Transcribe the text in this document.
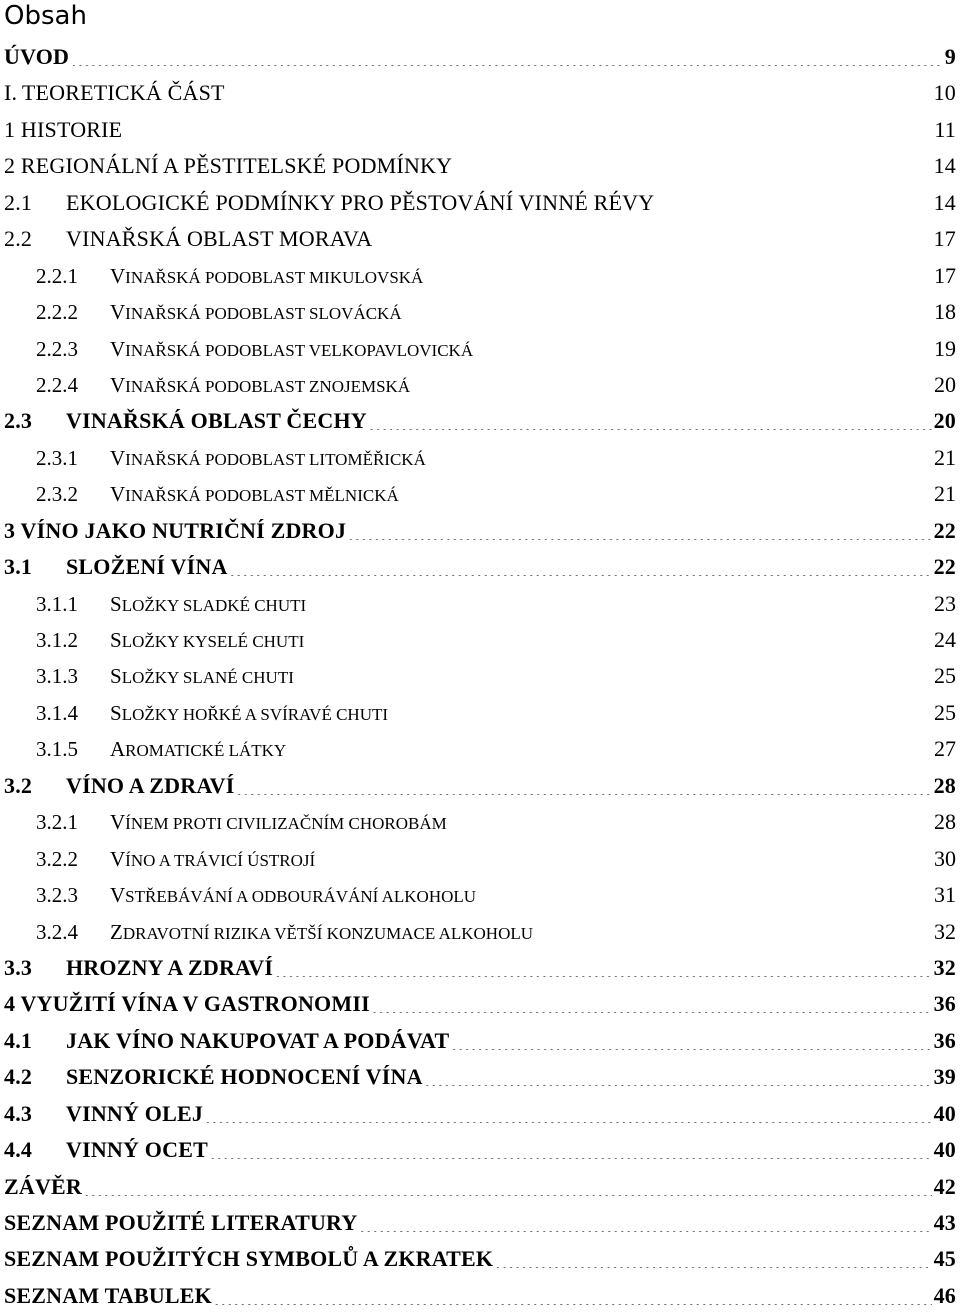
Obsah
ÚVOD .....	9
I. TEORETICKÁ ČÁST .....	10
1 HISTORIE .....	11
2 REGIONÁLNÍ A PĚSTITELSKÉ PODMÍNKY .....	14
2.1	EKOLOGICKÉ PODMÍNKY PRO PĚSTOVÁNÍ VINNÉ RÉVY .....	14
2.2	VINAŘSKÁ OBLAST MORAVA .....	17
2.2.1	VINAŘSKÁ PODOBLAST MIKULOVSKÁ .....	17
2.2.2	VINAŘSKÁ PODOBLAST SLOVÁCKÁ .....	18
2.2.3	VINAŘSKÁ PODOBLAST VELKOPAVLOVICKÁ .....	19
2.2.4	VINAŘSKÁ PODOBLAST ZNOJEMSKÁ .....	20
2.3	VINAŘSKÁ OBLAST ČECHY .....	20
2.3.1	VINAŘSKÁ PODOBLAST LITOMĚŘICKÁ .....	21
2.3.2	VINAŘSKÁ PODOBLAST MĚLNICKÁ .....	21
3 VÍNO JAKO NUTRIČNÍ ZDROJ .....	22
3.1	SLOŽENÍ VÍNA .....	22
3.1.1	SLOŽKY SLADKÉ CHUTI .....	23
3.1.2	SLOŽKY KYSELÉ CHUTI .....	24
3.1.3	SLOŽKY SLANÉ CHUTI .....	25
3.1.4	SLOŽKY HOŘKÉ A SVÍRAVÉ CHUTI .....	25
3.1.5	AROMATICKÉ LÁTKY .....	27
3.2	VÍNO A ZDRAVÍ .....	28
3.2.1	VÍNEM PROTI CIVILIZAČNÍM CHOROBÁM .....	28
3.2.2	VÍNO A TRÁVICÍ ÚSTROJÍ .....	30
3.2.3	VSTŘEBÁVÁNÍ A ODBOURÁVÁNÍ ALKOHOLU .....	31
3.2.4	ZDRAVOTNÍ RIZIKA VĚTŠÍ KONZUMACE ALKOHOLU .....	32
3.3	HROZNY A ZDRAVÍ .....	32
4 VYUŽITÍ VÍNA V GASTRONOMII .....	36
4.1	JAK VÍNO NAKUPOVAT A PODÁVAT .....	36
4.2	SENZORICKÉ HODNOCENÍ VÍNA .....	39
4.3	VINNÝ OLEJ .....	40
4.4	VINNÝ OCET .....	40
ZÁVĚR .....	42
SEZNAM POUŽITÉ LITERATURY .....	43
SEZNAM POUŽITÝCH SYMBOLŮ A ZKRATEK .....	45
SEZNAM TABULEK .....	46
